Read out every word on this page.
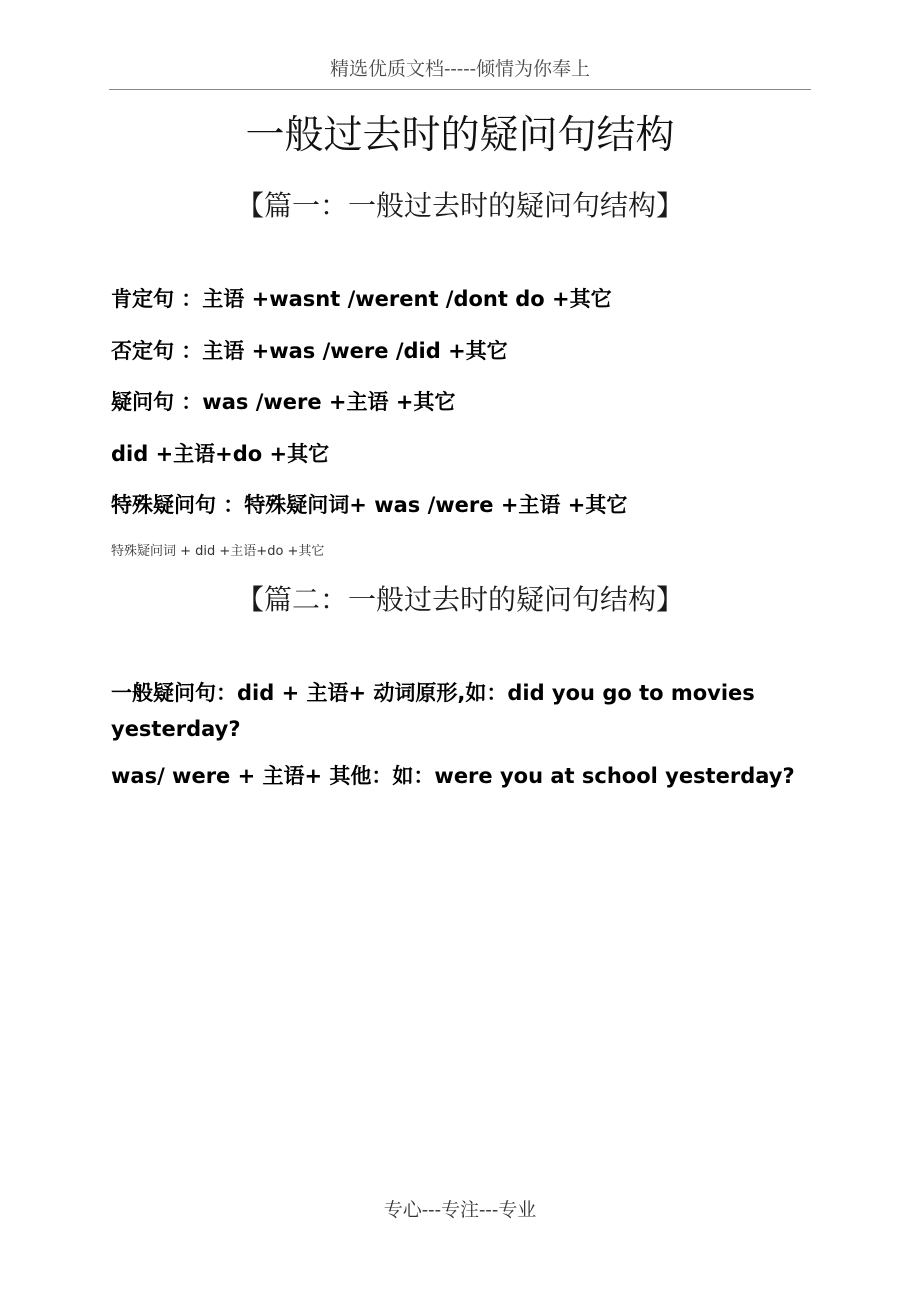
精选优质文档-----倾情为你奉上
一般过去时的疑问句结构
【篇一：一般过去时的疑问句结构】
肯定句 ：主语 +wasnt /werent /dont do +其它
否定句 ：主语 +was /were /did +其它
疑问句 ：was /were +主语 +其它
did +主语+do +其它
特殊疑问句 ：特殊疑问词+ was /were +主语 +其它
特殊疑问词 + did +主语+do +其它
【篇二：一般过去时的疑问句结构】
一般疑问句：did + 主语+ 动词原形,如：did you go to movies yesterday?
was/ were + 主语+ 其他：如：were you at school yesterday?
专心---专注---专业
